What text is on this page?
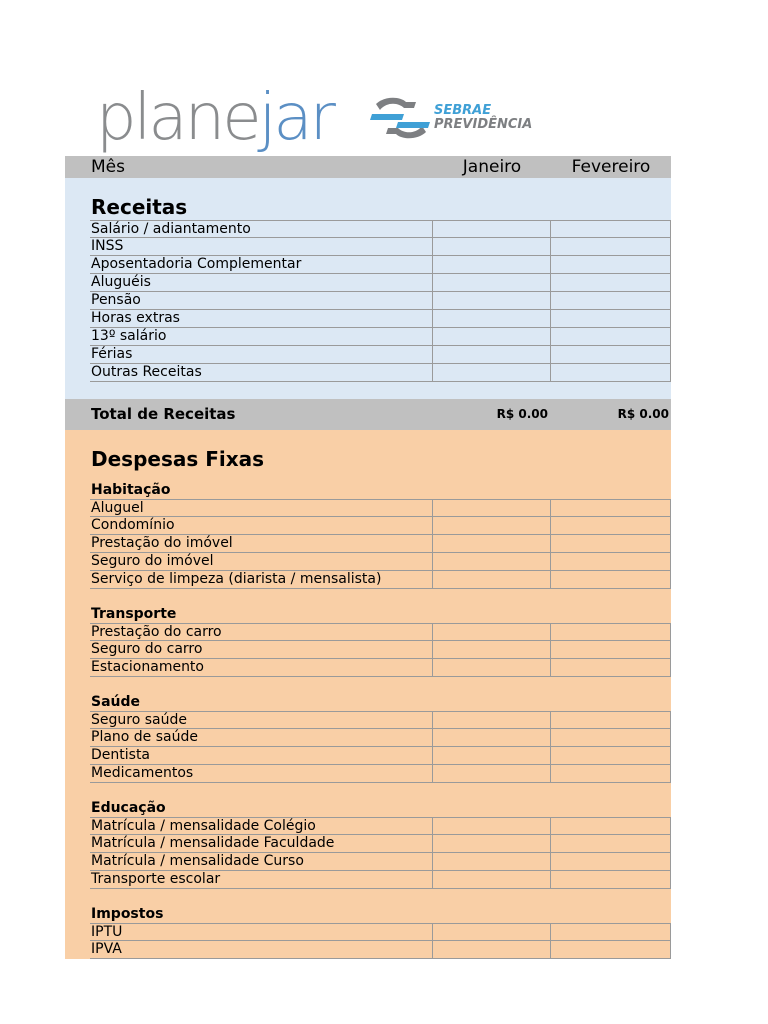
planejar	SEBRAE
PREVIDÊNCIA
Mês	Janeiro	Fevereiro
Receitas
Salário / adiantamento
INSS
Aposentadoria Complementar
Aluguéis
Pensão
Horas extras
13º salário
Férias
Outras Receitas
Total de Receitas	R$ 0.00	R$ 0.00
Despesas Fixas
Habitação
Aluguel
Condomínio
Prestação do imóvel
Seguro do imóvel
Serviço de limpeza (diarista / mensalista)
Transporte
Prestação do carro
Seguro do carro
Estacionamento
Saúde
Seguro saúde
Plano de saúde
Dentista
Medicamentos
Educação
Matrícula / mensalidade Colégio
Matrícula / mensalidade Faculdade
Matrícula / mensalidade Curso
Transporte escolar
Impostos
IPTU
IPVA
